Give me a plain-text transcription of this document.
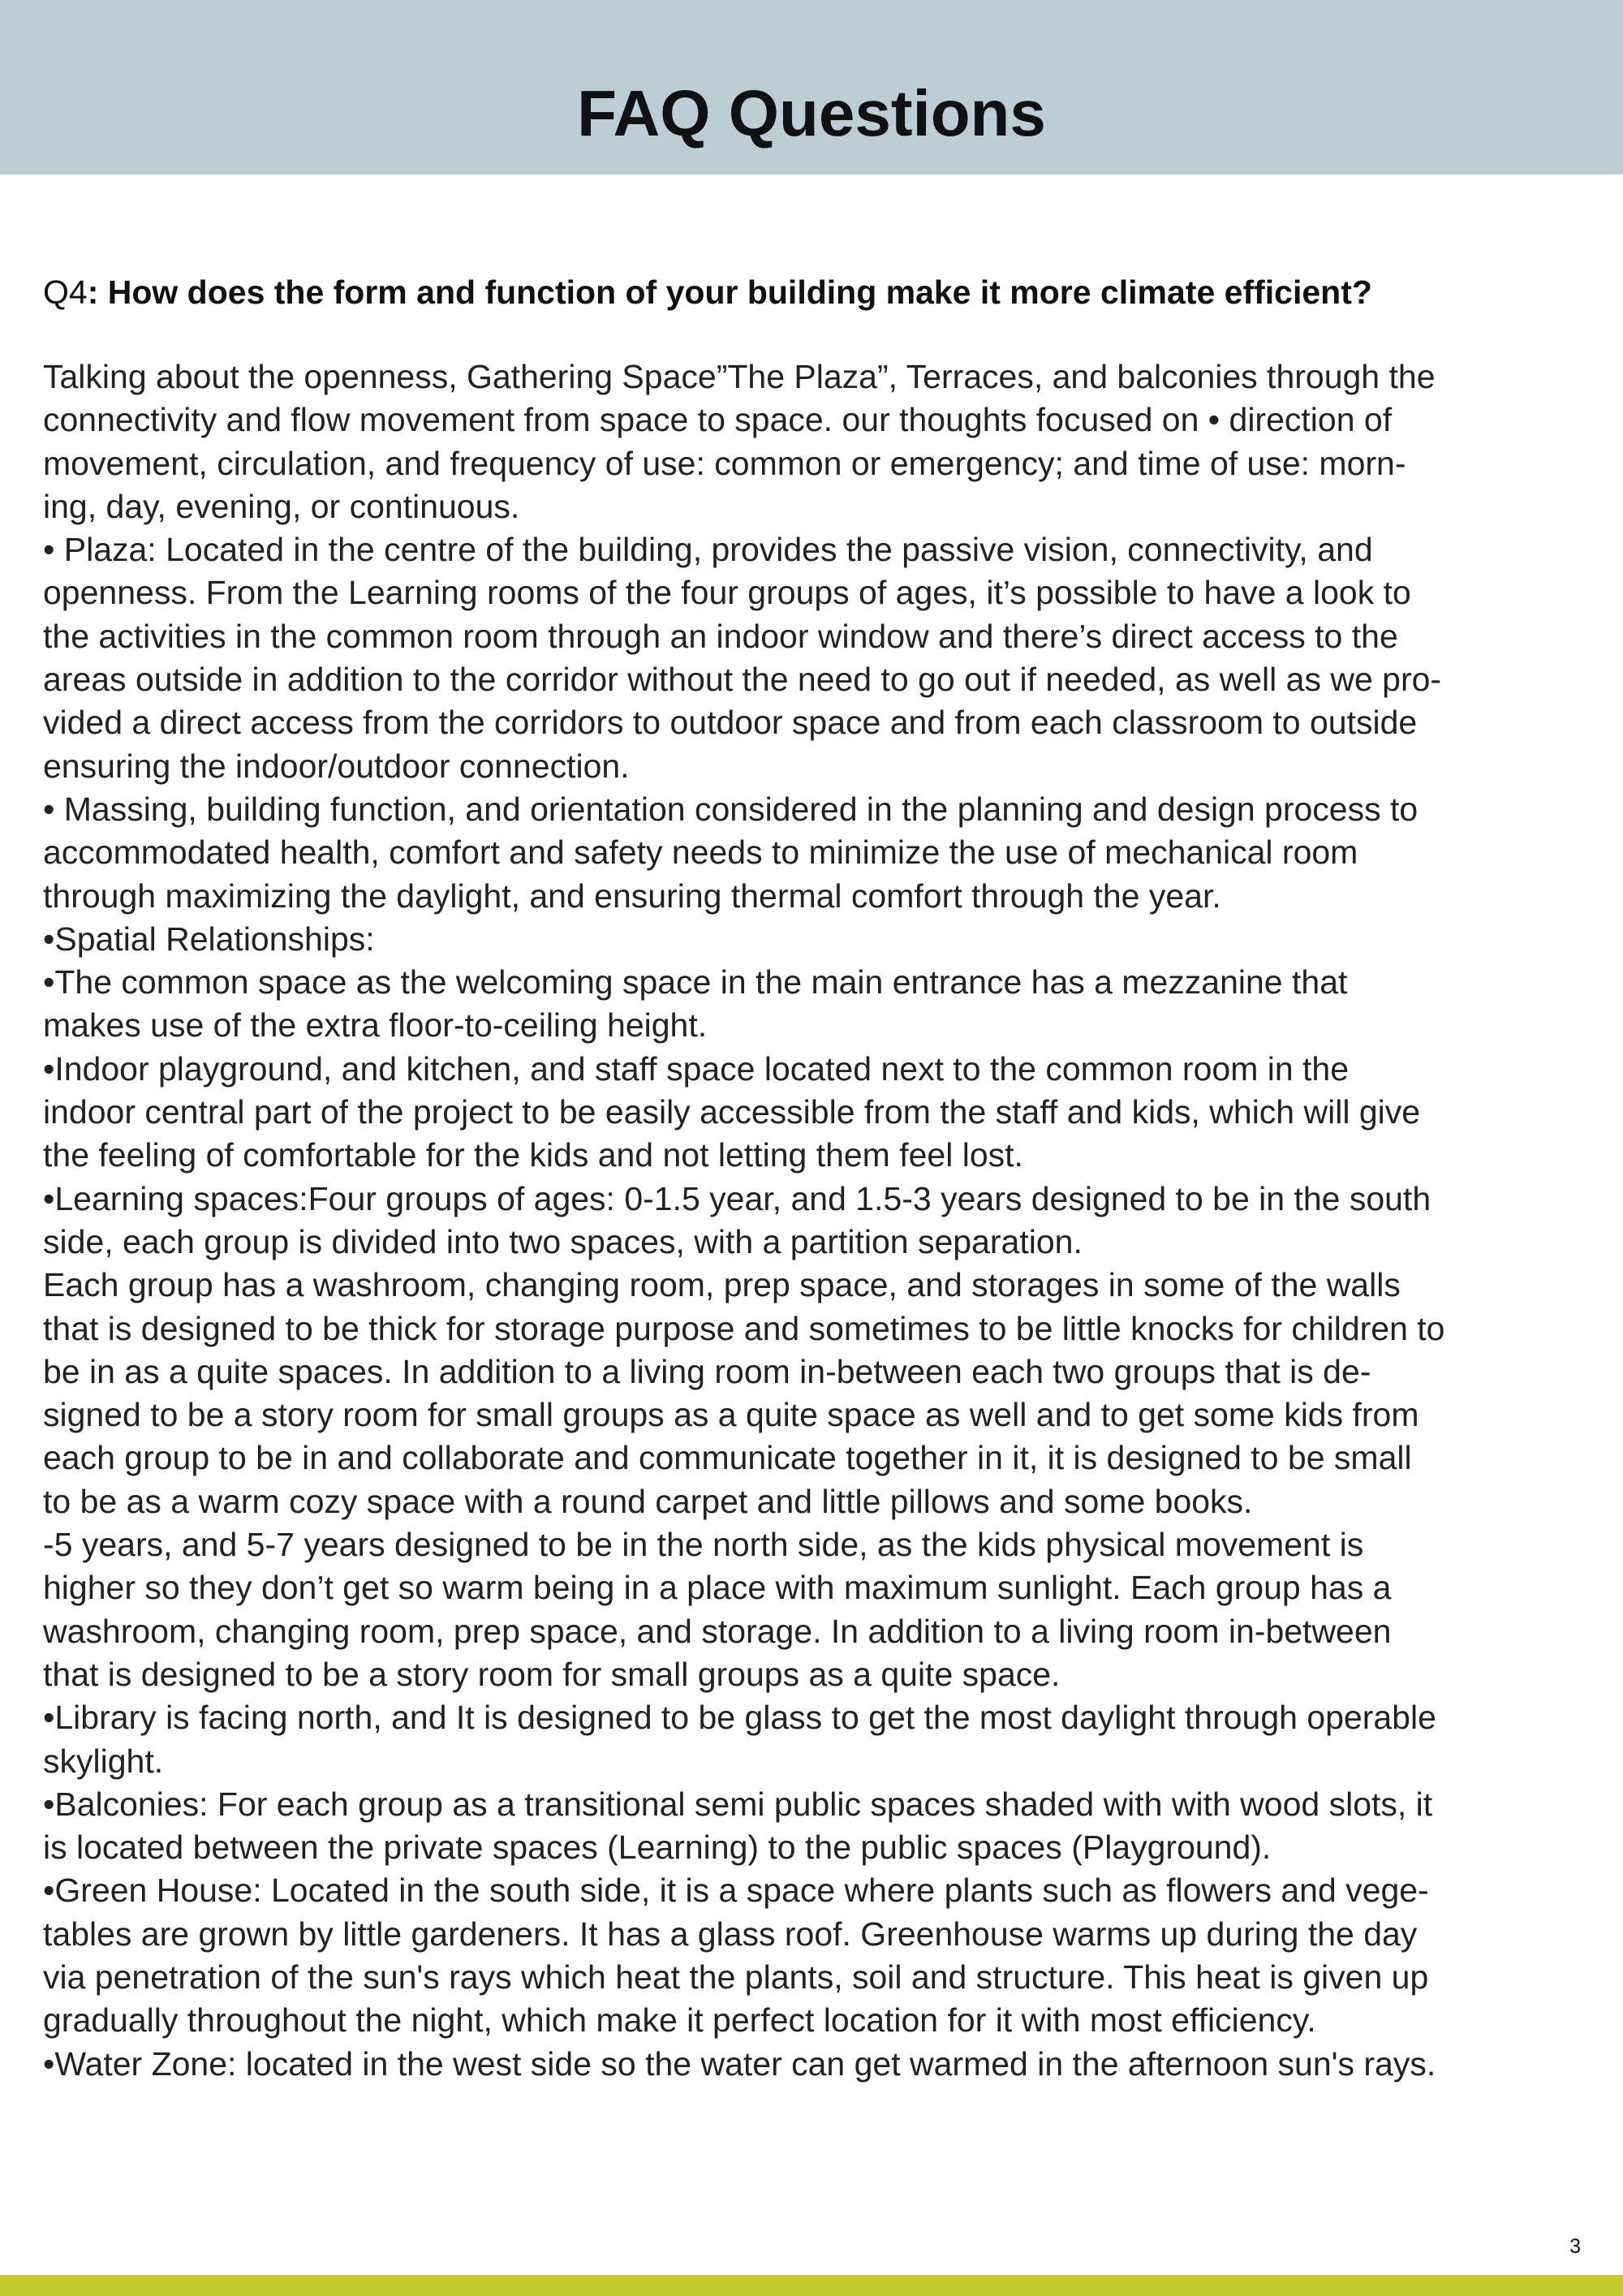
FAQ Questions

Q4: How does the form and function of your building make it more climate efficient?

Talking about the openness, Gathering Space”The Plaza”, Terraces, and balconies through the
connectivity and flow movement from space to space. our thoughts focused on • direction of
movement, circulation, and frequency of use: common or emergency; and time of use: morn-
ing, day, evening, or continuous.
• Plaza: Located in the centre of the building, provides the passive vision, connectivity, and
openness. From the Learning rooms of the four groups of ages, it’s possible to have a look to
the activities in the common room through an indoor window and there’s direct access to the
areas outside in addition to the corridor without the need to go out if needed, as well as we pro-
vided a direct access from the corridors to outdoor space and from each classroom to outside
ensuring the indoor/outdoor connection.
• Massing, building function, and orientation considered in the planning and design process to
accommodated health, comfort and safety needs to minimize the use of mechanical room
through maximizing the daylight, and ensuring thermal comfort through the year.
•Spatial Relationships:
•The common space as the welcoming space in the main entrance has a mezzanine that
makes use of the extra floor-to-ceiling height.
•Indoor playground, and kitchen, and staff space located next to the common room in the
indoor central part of the project to be easily accessible from the staff and kids, which will give
the feeling of comfortable for the kids and not letting them feel lost.
•Learning spaces:Four groups of ages: 0-1.5 year, and 1.5-3 years designed to be in the south
side, each group is divided into two spaces, with a partition separation.
Each group has a washroom, changing room, prep space, and storages in some of the walls
that is designed to be thick for storage purpose and sometimes to be little knocks for children to
be in as a quite spaces. In addition to a living room in-between each two groups that is de-
signed to be a story room for small groups as a quite space as well and to get some kids from
each group to be in and collaborate and communicate together in it, it is designed to be small
to be as a warm cozy space with a round carpet and little pillows and some books.
-5 years, and 5-7 years designed to be in the north side, as the kids physical movement is
higher so they don’t get so warm being in a place with maximum sunlight. Each group has a
washroom, changing room, prep space, and storage. In addition to a living room in-between
that is designed to be a story room for small groups as a quite space.
•Library is facing north, and It is designed to be glass to get the most daylight through operable
skylight.
•Balconies: For each group as a transitional semi public spaces shaded with with wood slots, it
is located between the private spaces (Learning) to the public spaces (Playground).
•Green House: Located in the south side, it is a space where plants such as flowers and vege-
tables are grown by little gardeners. It has a glass roof. Greenhouse warms up during the day
via penetration of the sun's rays which heat the plants, soil and structure. This heat is given up
gradually throughout the night, which make it perfect location for it with most efficiency.
•Water Zone: located in the west side so the water can get warmed in the afternoon sun's rays.
3
